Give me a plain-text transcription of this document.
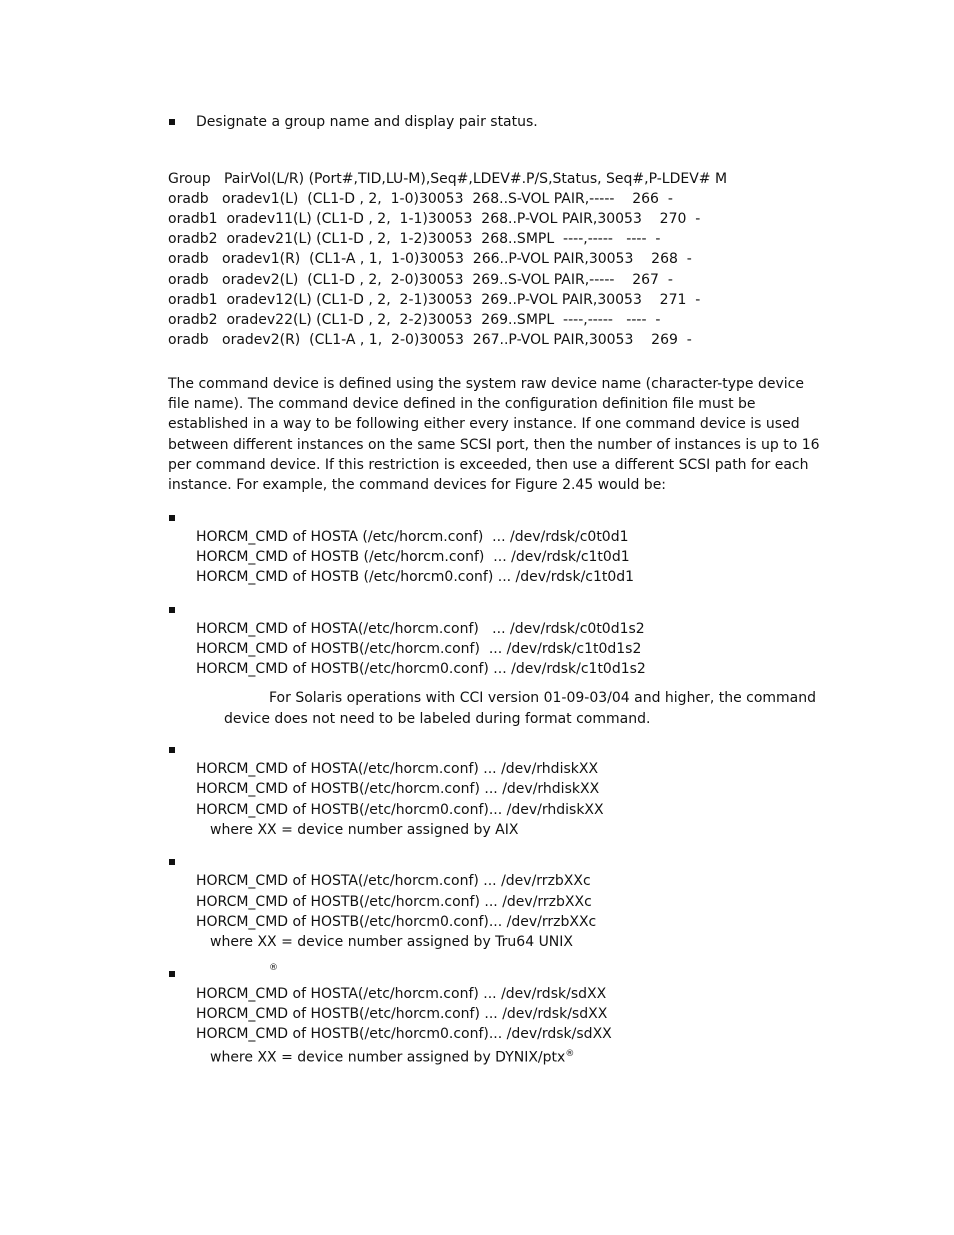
Designate a group name and display pair status.
Group   PairVol(L/R) (Port#,TID,LU-M),Seq#,LDEV#.P/S,Status, Seq#,P-LDEV# M
oradb   oradev1(L)  (CL1-D , 2,  1-0)30053  268..S-VOL PAIR,-----    266  -
oradb1  oradev11(L) (CL1-D , 2,  1-1)30053  268..P-VOL PAIR,30053    270  -
oradb2  oradev21(L) (CL1-D , 2,  1-2)30053  268..SMPL  ----,-----   ----  -
oradb   oradev1(R)  (CL1-A , 1,  1-0)30053  266..P-VOL PAIR,30053    268  -
oradb   oradev2(L)  (CL1-D , 2,  2-0)30053  269..S-VOL PAIR,-----    267  -
oradb1  oradev12(L) (CL1-D , 2,  2-1)30053  269..P-VOL PAIR,30053    271  -
oradb2  oradev22(L) (CL1-D , 2,  2-2)30053  269..SMPL  ----,-----   ----  -
oradb   oradev2(R)  (CL1-A , 1,  2-0)30053  267..P-VOL PAIR,30053    269  -
The command device is defined using the system raw device name (character-type device file name). The command device defined in the configuration definition file must be established in a way to be following either every instance. If one command device is used between different instances on the same SCSI port, then the number of instances is up to 16 per command device. If this restriction is exceeded, then use a different SCSI path for each instance. For example, the command devices for Figure 2.45 would be:
HORCM_CMD of HOSTA (/etc/horcm.conf)  ... /dev/rdsk/c0t0d1
HORCM_CMD of HOSTB (/etc/horcm.conf)  ... /dev/rdsk/c1t0d1
HORCM_CMD of HOSTB (/etc/horcm0.conf) ... /dev/rdsk/c1t0d1
HORCM_CMD of HOSTA(/etc/horcm.conf)   ... /dev/rdsk/c0t0d1s2
HORCM_CMD of HOSTB(/etc/horcm.conf)  ... /dev/rdsk/c1t0d1s2
HORCM_CMD of HOSTB(/etc/horcm0.conf) ... /dev/rdsk/c1t0d1s2
For Solaris operations with CCI version 01-09-03/04 and higher, the command device does not need to be labeled during format command.
HORCM_CMD of HOSTA(/etc/horcm.conf) ... /dev/rhdiskXX
HORCM_CMD of HOSTB(/etc/horcm.conf) ... /dev/rhdiskXX
HORCM_CMD of HOSTB(/etc/horcm0.conf)... /dev/rhdiskXX
where XX = device number assigned by AIX
HORCM_CMD of HOSTA(/etc/horcm.conf) ... /dev/rrzbXXc
HORCM_CMD of HOSTB(/etc/horcm.conf) ... /dev/rrzbXXc
HORCM_CMD of HOSTB(/etc/horcm0.conf)... /dev/rrzbXXc
where XX = device number assigned by Tru64 UNIX
®
HORCM_CMD of HOSTA(/etc/horcm.conf) ... /dev/rdsk/sdXX
HORCM_CMD of HOSTB(/etc/horcm.conf) ... /dev/rdsk/sdXX
HORCM_CMD of HOSTB(/etc/horcm0.conf)... /dev/rdsk/sdXX
where XX = device number assigned by DYNIX/ptx®
